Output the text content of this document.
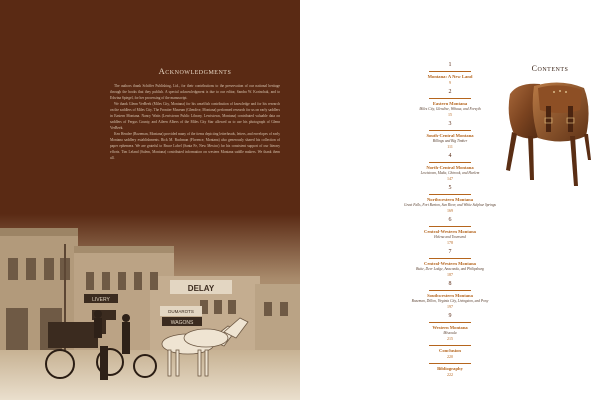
Acknowledgments

The authors thank Schiffer Publishing, Ltd., for their contributions to the preservation of our national heritage through the books that they publish. A special acknowledgment is due to our editor, Sandra W. Korinchak, and to Edwina Spiegel, for her processing of the manuscript.

We thank Glenn VerBeek (Miles City, Montana) for his unselfish contribution of knowledge and for his research on the saddlers of Miles City. The Frontier Museum (Glendive, Montana) performed research for us on early saddlers in Eastern Montana. Nancy Watts (Lewistown Public Library, Lewistown, Montana) contributed valuable data on saddlers of Fergus County, and Aileen Albers of the Miles City Star allowed us to use his photograph of Glenn VerBeek.

Ken Hendee (Bozeman, Montana) provided many of the items depicting letterheads, letters, and envelopes of early Montana saddlery establishments. Rick M. Buchman (Florence, Montana) also generously shared his collection of paper ephemera. We are grateful to Bruce Lobel (Santa Fe, New Mexico) for his consistent support of our literary efforts. Tim Leland (Salem, Montana) contributed information on western Montana saddle makers. We thank them all.

LIVERY
DELAY
DUMAROTS
WAGONS
Contents
1
Montana: A New Land
9
2
Eastern Montana
Miles City, Glendive, Wibaux, and Forsyth
15
3
South-Central Montana
Billings and Big Timber
111
4
North-Central Montana
Lewistown, Malta, Chinook, and Harlem
147
5
Northwestern Montana
Great Falls, Fort Benton, Sun River, and White Sulphur Springs
169
6
Central-Western Montana
Helena and Townsend
178
7
Central-Western Montana
Butte, Deer Lodge, Anaconda, and Philipsburg
187
8
Southwestern Montana
Bozeman, Dillon, Virginia City, Livingston, and Pony
197
9
Western Montana
Missoula
215
Conclusion
220
Bibliography
222
